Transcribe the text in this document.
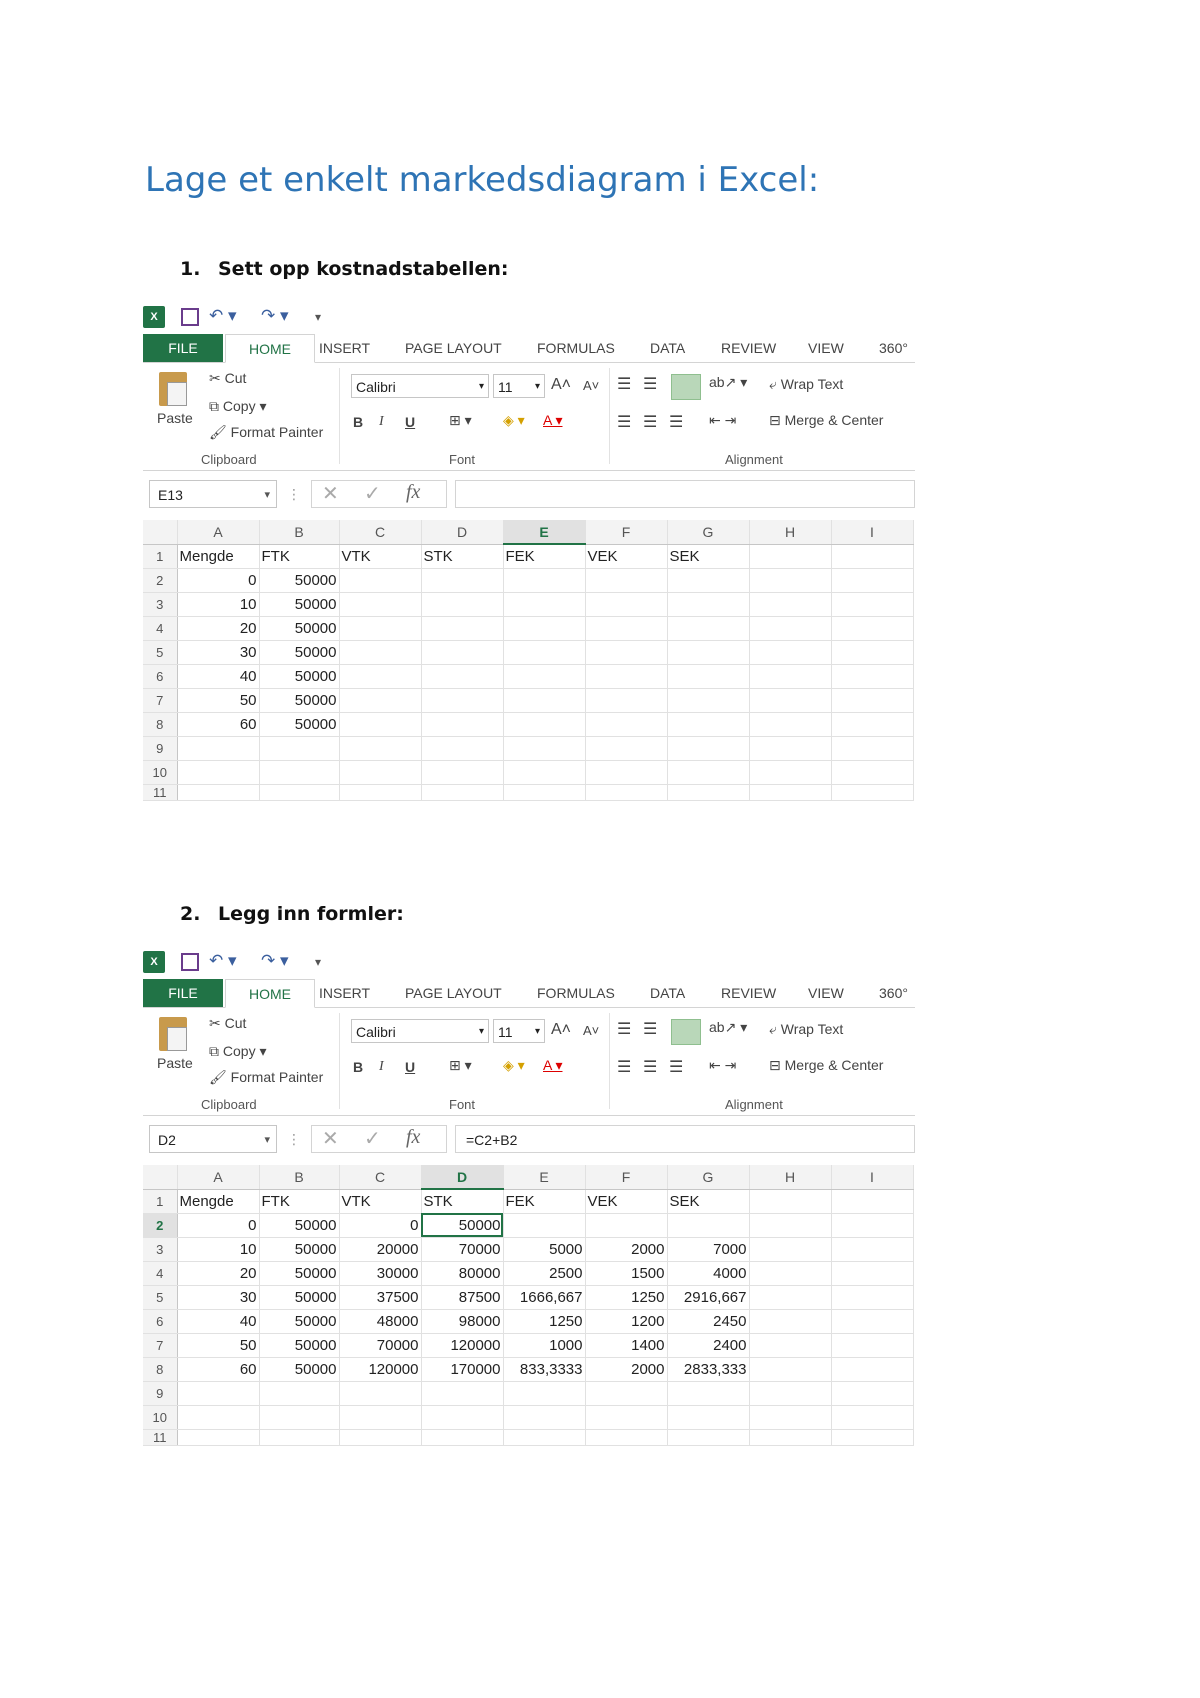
Lage et enkelt markedsdiagram i Excel:
1. Sett opp kostnadstabellen:
2. Legg inn formler:
X	↶ ▾ ↷ ▾ ▾
FILE	HOME	INSERT PAGE LAYOUT	FORMULAS	DATA	REVIEW VIEW	360°
Paste
✂ Cut
⧉ Copy ▾
🖌 Format Painter
Clipboard
Calibri	▾	11 ▾ A˄ A˅
B I U ⊞ ▾ ◈ ▾ A ▾
Font
☰ ☰	ab↗ ▾
☰ ☰ ☰ ⇤ ⇥
⤶ Wrap Text
⊟ Merge & Center
Alignment
E13	▾ ⋮ ✕ ✓ fx
	A	B	C	D	E	F	G	H	I
1	Mengde	FTK	VTK	STK	FEK	VEK	SEK		
2	0	50000							
3	10	50000							
4	20	50000							
5	30	50000							
6	40	50000							
7	50	50000							
8	60	50000							
9									
10									
11									
X	↶ ▾ ↷ ▾ ▾
FILE	HOME	INSERT PAGE LAYOUT	FORMULAS	DATA	REVIEW VIEW	360°
Paste
✂ Cut
⧉ Copy ▾
🖌 Format Painter
Clipboard
Calibri	▾	11 ▾ A˄ A˅
B I U ⊞ ▾ ◈ ▾ A ▾
Font
☰ ☰	ab↗ ▾
☰ ☰ ☰ ⇤ ⇥
⤶ Wrap Text
⊟ Merge & Center
Alignment
D2	▾ ⋮ ✕ ✓ fx	=C2+B2
	A	B	C	D	E	F	G	H	I
1	Mengde	FTK	VTK	STK	FEK	VEK	SEK		
2	0	50000	0	50000					
3	10	50000	20000	70000	5000	2000	7000		
4	20	50000	30000	80000	2500	1500	4000		
5	30	50000	37500	87500	1666,667	1250	2916,667		
6	40	50000	48000	98000	1250	1200	2450		
7	50	50000	70000	120000	1000	1400	2400		
8	60	50000	120000	170000	833,3333	2000	2833,333		
9									
10									
11									
